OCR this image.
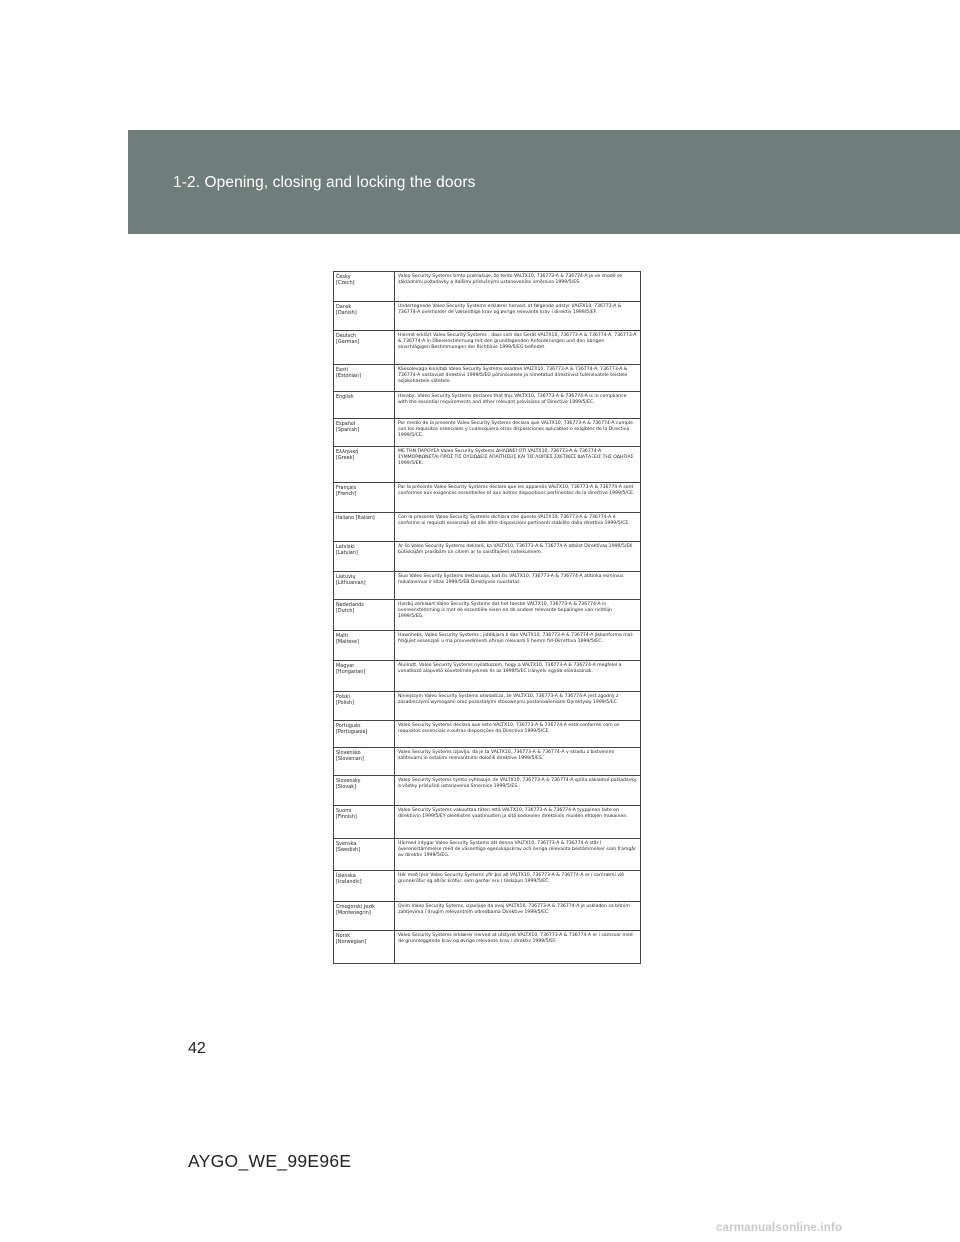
1-2. Opening, closing and locking the doors
Česky
[Czech]
Valeo Security Systems tímto prohlašuje, že tento VALTX10, 736773-A & 736774-A je ve shodě se základními požadavky a dalšími příslušnými ustanoveními směrnice 1999/5/ES.
Dansk
[Danish]
Undertegnede Valeo Security Systems erklærer herved, at følgende udstyr VALTX10, 736773-A & 736774-A overholder de væsentlige krav og øvrige relevante krav i direktiv 1999/5/EF.
Deutsch
[German]
Hiermit erklärt Valeo Security Systems , dass sich das Gerät VALTX10, 736773-A & 736774-A, 736773-A & 736774-A in Übereinstimmung mit den grundlegenden Anforderungen und den übrigen einschlägigen Bestimmungen der Richtlinie 1999/5/EG befindet.
Eesti
[Estonian]
Käesolevaga kinnitab Valeo Security Systems seadme VALTX10, 736773-A & 736774-A, 736773-A & 736774-A vastavust direktiivi 1999/5/EÜ põhinõuetele ja nimetatud direktiivist tulenevatele teistele asjakohastele sätetele.
English	Hereby, Valeo Security Systems declares that this VALTX10, 736773-A & 736774-A is in compliance with the essential requirements and other relevant provisions of Directive 1999/5/EC.
Español
[Spanish]
Por medio de la presente Valeo Security Systems declara que VALTX10, 736773-A & 736774-A cumple con los requisitos esenciales y cualesquiera otras disposiciones aplicables o exigibles de la Directiva 1999/5/CE.
Ελληνική
[Greek]
ΜΕ ΤΗΝ ΠΑΡΟΥΣΑ Valeo Security Systems ΔΗΛΩΝΕΙ ΟΤΙ VALTX10, 736773-A & 736774-A ΣΥΜΜΟΡΦΩΝΕΤΑΙ ΠΡΟΣ ΤΙΣ ΟΥΣΙΩΔΕΙΣ ΑΠΑΙΤΗΣΕΙΣ ΚΑΙ ΤΙΣ ΛΟΙΠΕΣ ΣΧΕΤΙΚΕΣ ΔΙΑΤΑΞΕΙΣ ΤΗΣ ΟΔΗΓΙΑΣ 1999/5/ΕΚ.
Français
[French]
Par la présente Valeo Security Systems déclare que les appareils VALTX10, 736773-A & 736774-A sont conformes aux exigences essentielles et aux autres dispositions pertinentes de la directive 1999/5/CE.
Italiano [Italian]	Con la presente Valeo Security Systems dichiara che questo VALTX10, 736773-A & 736774-A è conforme ai requisiti essenziali ed alle altre disposizioni pertinenti stabilite dalla direttiva 1999/5/CE.
Latviski
[Latvian]
Ar šo Valeo Security Systems deklarē, ka VALTX10, 736773-A & 736774-A atbilst Direktīvas 1999/5/EK būtiskajām prasībām un citiem ar to saistītajiem noteikumiem.
Lietuvių
[Lithuanian]
Šiuo Valeo Security Systems deklaruoja, kad šis VALTX10, 736773-A & 736774-A atitinka esminius reikalavimus ir kitas 1999/5/EB Direktyvos nuostatas.
Nederlands
[Dutch]
Hierbij verklaart Valeo Security Systems dat het toestel VALTX10, 736773-A & 736774-A in overeenstemming is met de essentiële eisen en de andere relevante bepalingen van richtlijn 1999/5/EG.
Malti
[Maltese]
Hawnhekk, Valeo Security Systems , jiddikjara li dan VALTX10, 736773-A & 736774-A jikkonforma mal-ħtiġijiet essenzjali u ma provvedimenti oħrajn relevanti li hemm fid-Dirrettiva 1999/5/EC.
Magyar
[Hungarian]
Alulírott, Valeo Security Systems nyilatkozom, hogy a VALTX10, 736773-A & 736774-A megfelel a vonatkozó alapvetõ követelményeknek és az 1999/5/EC irányelv egyéb elõírásainak.
Polski
[Polish]
Niniejszym Valeo Security Systems oświadcza, że VALTX10, 736773-A & 736774-A jest zgodny z zasadniczymi wymogami oraz pozostałymi stosownymi postanowieniami Dyrektywy 1999/5/EC.
Português
[Portuguese]
Valeo Security Systems declara que este VALTX10, 736773-A & 736774-A está conforme com os requisitos essenciais e outras disposições da Directiva 1999/5/CE.
Slovensko
[Slovenian]
Valeo Security Systems izjavlja, da je ta VALTX10, 736773-A & 736774-A v skladu z bistvenimi zahtevami in ostalimi relevantnimi določili direktive 1999/5/ES.
Slovensky
[Slovak]
Valeo Security Systems týmto vyhlasuje, že VALTX10, 736773-A & 736774-A spĺňa základné požiadavky a všetky príslušné ustanovenia Smernice 1999/5/ES.
Suomi
[Finnish]
Valeo Security Systems vakuuttaa täten että VALTX10, 736773-A & 736774-A tyyppinen laite on direktiivin 1999/5/EY oleellisten vaatimusten ja sitä koskevien direktiivin muiden ehtojen mukainen.
Svenska
[Swedish]
Härmed intygar Valeo Security Systems att denna VALTX10, 736773-A & 736774-A står I överensstämmelse med de väsentliga egenskapskrav och övriga relevanta bestämmelser som framgår av direktiv 1999/5/EG.
Íslenska
[Icelandic]
Hér með lýsir Valeo Security Systems yfir því að VALTX10, 736773-A & 736774-A er í samræmi við grunnkröfur og aðrar kröfur, sem gerðar eru í tilskipun 1999/5/EC.
Crnogorski jezik
[Montenegrin]
Ovim Valeo Security Sytems, izjavljuje da ovaj VALTX10, 736773-A & 736774-A je usklađen sa bitnim zahtjevima i drugim relevantnim odredbama Direktive 1999/5/EC.
Norsk
[Norwegian]
Valeo Security Systems erklærer herved at utstyret VALTX10, 736773-A & 736774-A er i samsvar med de grunnleggende krav og øvrige relevante krav i direktiv 1999/5/EF.
42
AYGO_WE_99E96E
carmanualsonline.info
